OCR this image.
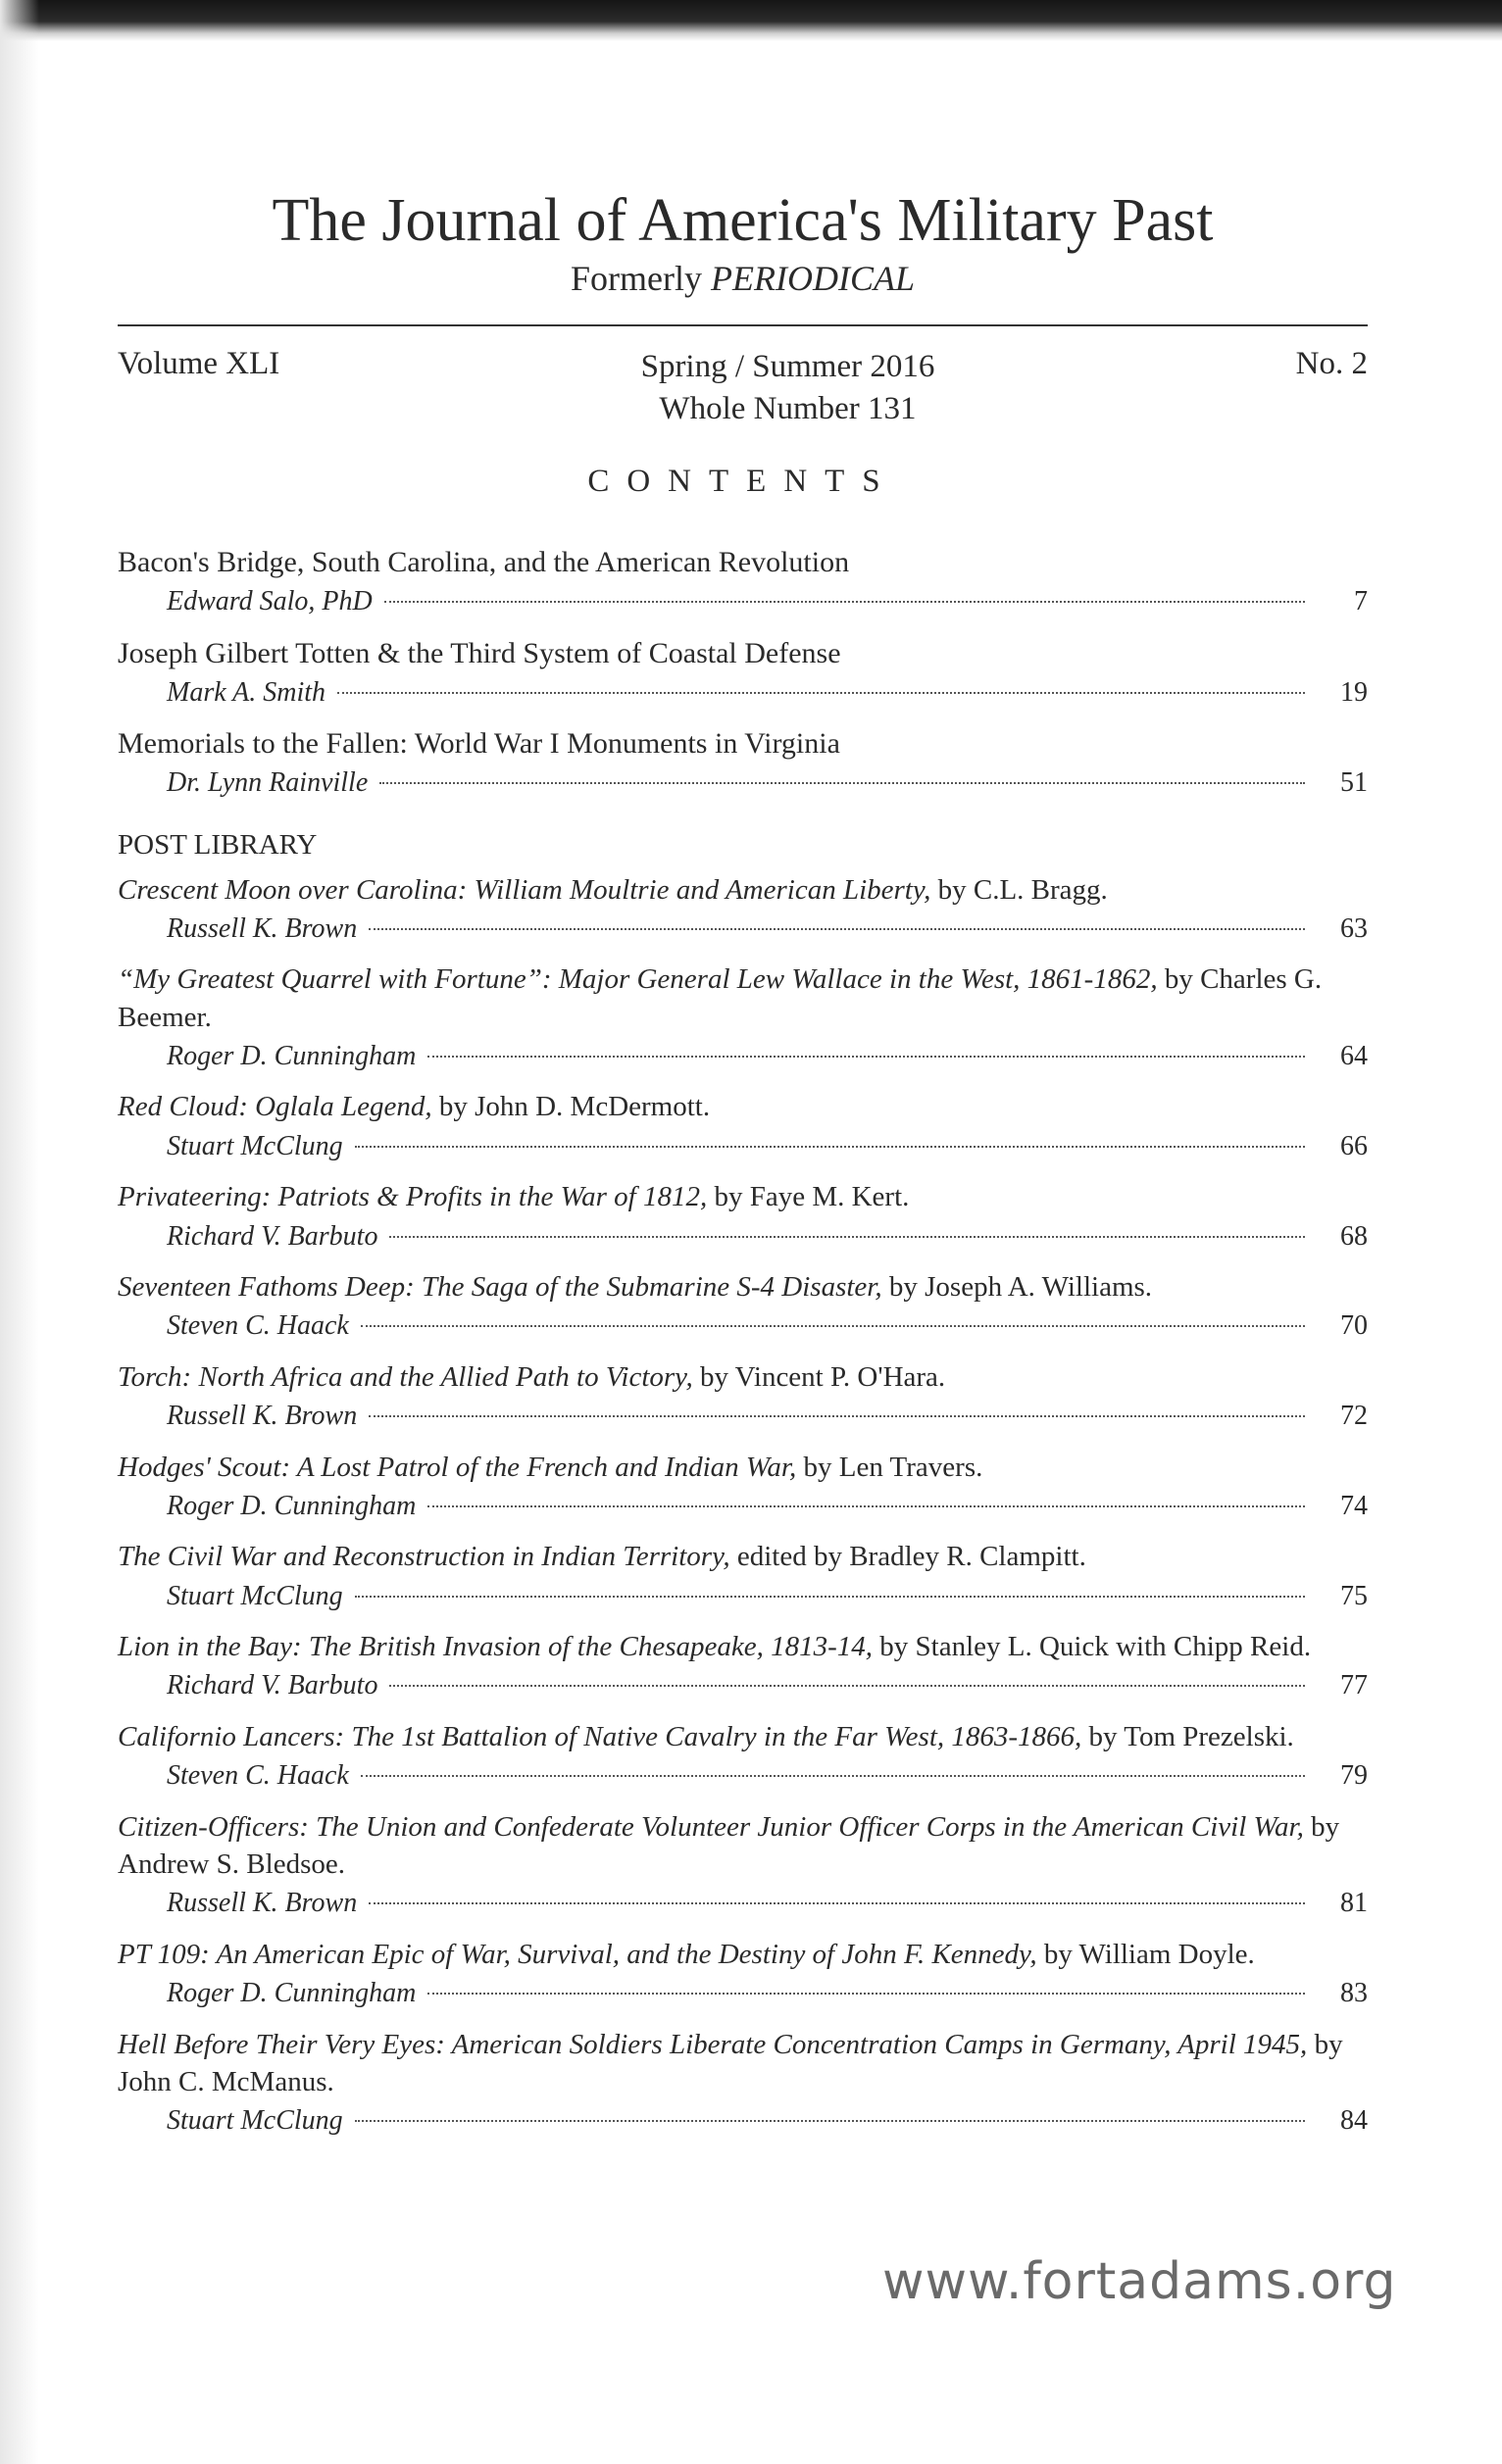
The Journal of America's Military Past
Formerly PERIODICAL
Volume XLI	Spring / Summer 2016
Whole Number 131
No. 2
CONTENTS
Bacon's Bridge, South Carolina, and the American Revolution
Edward Salo, PhD	7
Joseph Gilbert Totten & the Third System of Coastal Defense
Mark A. Smith	19
Memorials to the Fallen: World War I Monuments in Virginia
Dr. Lynn Rainville	51
POST LIBRARY
Crescent Moon over Carolina: William Moultrie and American Liberty, by C.L. Bragg.
Russell K. Brown	63
“My Greatest Quarrel with Fortune”: Major General Lew Wallace in the West, 1861-1862, by Charles G. Beemer.
Roger D. Cunningham	64
Red Cloud: Oglala Legend, by John D. McDermott.
Stuart McClung	66
Privateering: Patriots & Profits in the War of 1812, by Faye M. Kert.
Richard V. Barbuto	68
Seventeen Fathoms Deep: The Saga of the Submarine S-4 Disaster, by Joseph A. Williams.
Steven C. Haack	70
Torch: North Africa and the Allied Path to Victory, by Vincent P. O'Hara.
Russell K. Brown	72
Hodges' Scout: A Lost Patrol of the French and Indian War, by Len Travers.
Roger D. Cunningham	74
The Civil War and Reconstruction in Indian Territory, edited by Bradley R. Clampitt.
Stuart McClung	75
Lion in the Bay: The British Invasion of the Chesapeake, 1813-14, by Stanley L. Quick with Chipp Reid.
Richard V. Barbuto	77
Californio Lancers: The 1st Battalion of Native Cavalry in the Far West, 1863-1866, by Tom Prezelski.
Steven C. Haack	79
Citizen-Officers: The Union and Confederate Volunteer Junior Officer Corps in the American Civil War, by Andrew S. Bledsoe.
Russell K. Brown	81
PT 109: An American Epic of War, Survival, and the Destiny of John F. Kennedy, by William Doyle.
Roger D. Cunningham	83
Hell Before Their Very Eyes: American Soldiers Liberate Concentration Camps in Germany, April 1945, by John C. McManus.
Stuart McClung	84
www.fortadams.org
